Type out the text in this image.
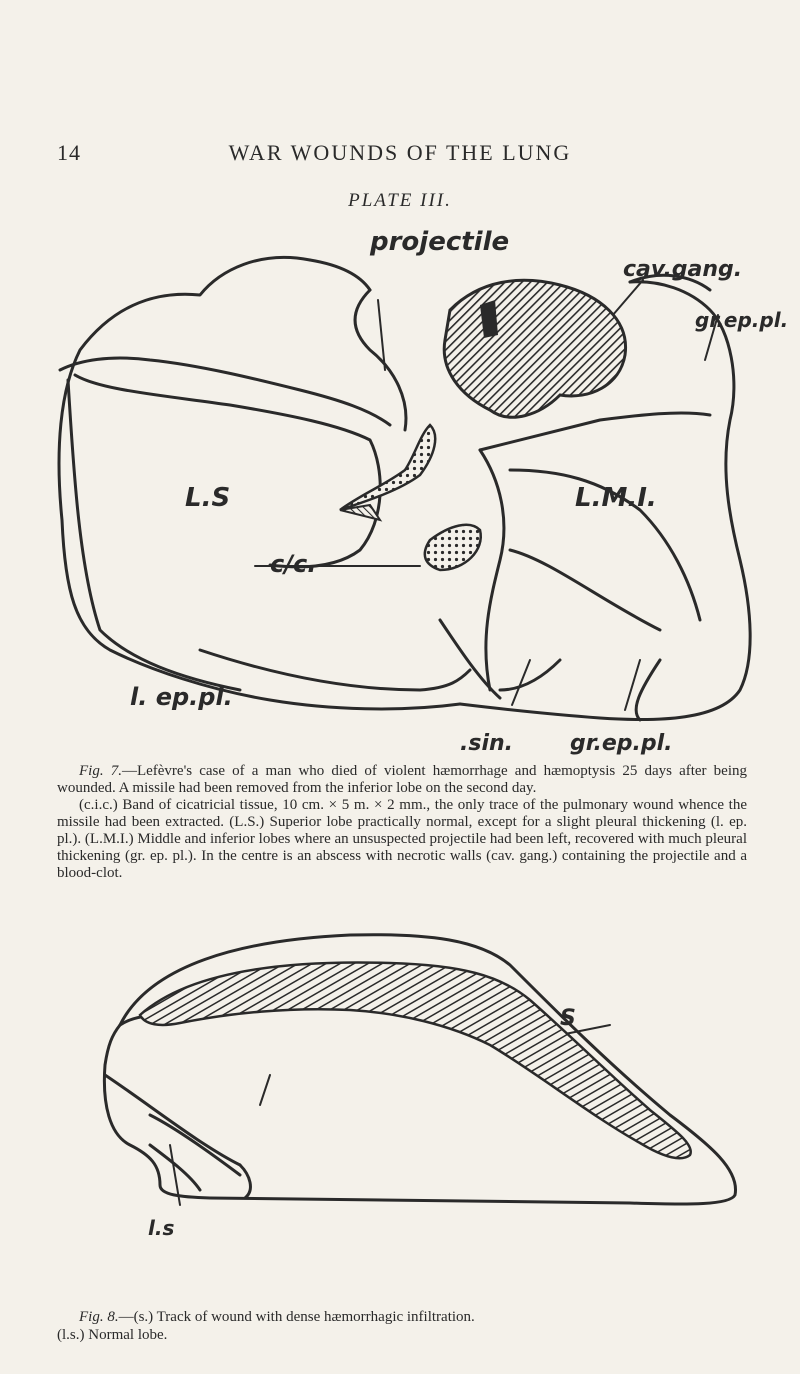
14	WAR WOUNDS OF THE LUNG
PLATE III.
projectile
cav.gang.
gr.ep.pl.
L.S	L.M.I.
c/c.
l. ep.pl.
.sin.	gr.ep.pl.

Fig. 7.—Lefèvre's case of a man who died of violent hæmorrhage and hæmoptysis 25 days after being wounded. A missile had been removed from the inferior lobe on the second day.

(c.i.c.) Band of cicatricial tissue, 10 cm. × 5 m. × 2 mm., the only trace of the pulmonary wound whence the missile had been extracted. (L.S.) Superior lobe practically normal, except for a slight pleural thickening (l. ep. pl.). (L.M.I.) Middle and inferior lobes where an unsuspected projectile had been left, recovered with much pleural thickening (gr. ep. pl.). In the centre is an abscess with necrotic walls (cav. gang.) containing the projectile and a blood-clot.

S
l.s

Fig. 8.—(s.) Track of wound with dense hæmorrhagic infiltration.

(l.s.) Normal lobe.
